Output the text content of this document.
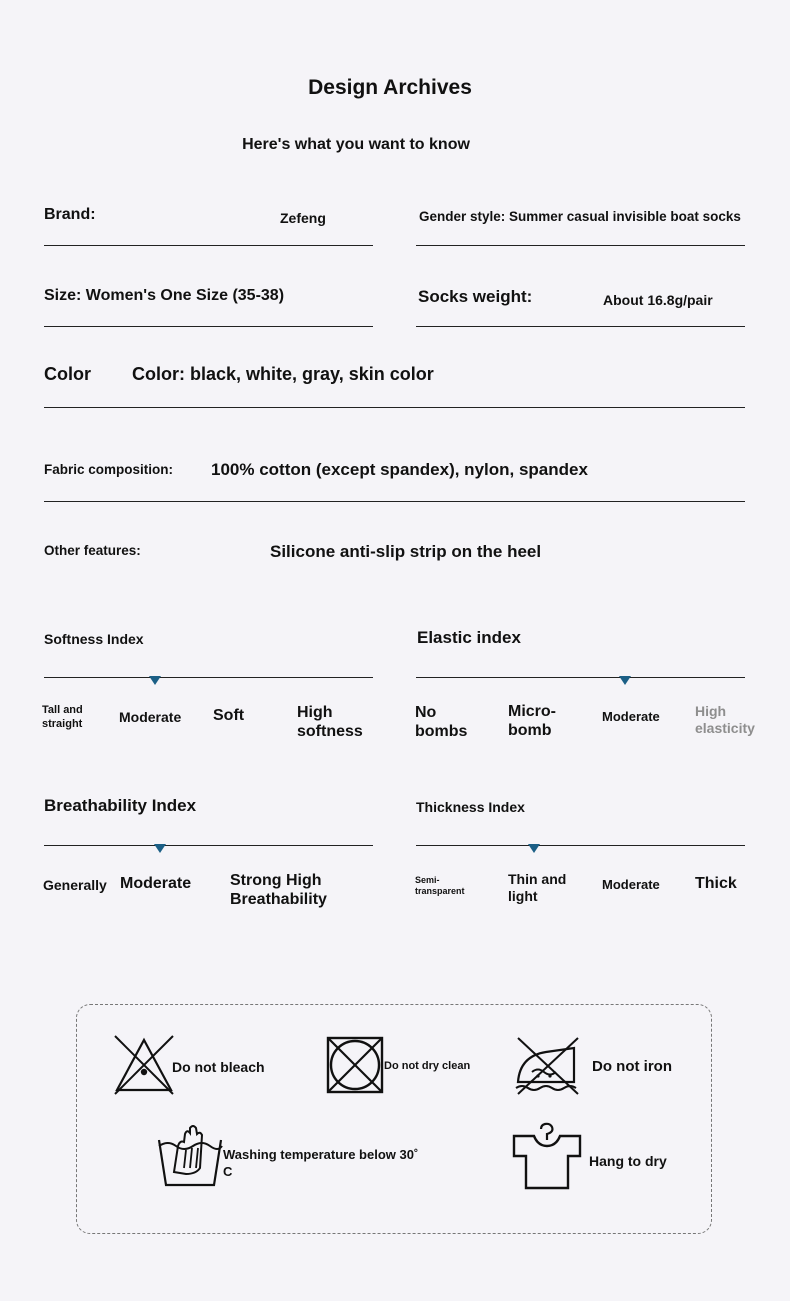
Design Archives
Here's what you want to know
Brand:	Zefeng	Gender style: Summer casual invisible boat socks
Size: Women's One Size (35-38)	Socks weight:	About 16.8g/pair
Color Color: black, white, gray, skin color
Fabric composition: 100% cotton (except spandex), nylon, spandex
Other features:	Silicone anti-slip strip on the heel
Softness Index
Tall and straight	Moderate Soft	High softness
Elastic index
No bombs
Micro-bomb
Moderate	High elasticity
Breathability Index
Generally Moderate Strong High Breathability
Thickness Index
Semi-transparent
Thin and light
Moderate Thick
Do not bleach	Do not dry clean	Do not iron
Washing temperature below 30˚ C
Hang to dry
